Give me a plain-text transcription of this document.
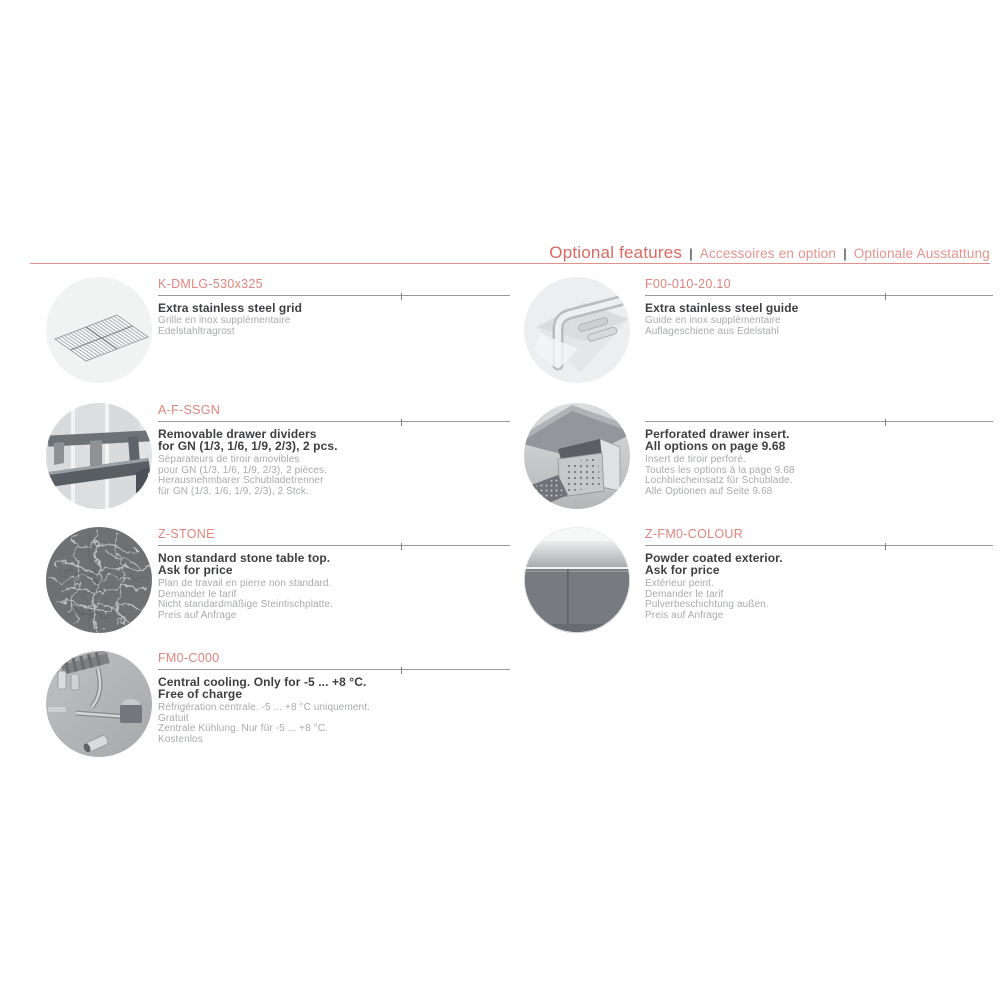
Optional features | Accessoires en option | Optionale Ausstattung
K-DMLG-530x325
Extra stainless steel grid
Grille en inox supplémentaire
Edelstahltragrost
F00-010-20.10
Extra stainless steel guide
Guide en inox supplémentaire
Auflageschiene aus Edelstahl
A-F-SSGN
Removable drawer dividers
for GN (1/3, 1/6, 1/9, 2/3), 2 pcs.
Séparateurs de tiroir amovibles
pour GN (1/3, 1/6, 1/9, 2/3), 2 pièces.
Herausnehmbarer Schubladetrenner
für GN (1/3, 1/6, 1/9, 2/3), 2 Stck.
Perforated drawer insert.
All options on page 9.68
Insert de tiroir perforé.
Toutes les options à la page 9.68
Lochblecheinsatz für Schublade.
Alle Optionen auf Seite 9.68
Z-STONE
Non standard stone table top.
Ask for price
Plan de travail en pierre non standard.
Demander le tarif
Nicht standardmäßige Steintischplatte.
Preis auf Anfrage
Z-FM0-COLOUR
Powder coated exterior.
Ask for price
Extérieur peint.
Demander le tarif
Pulverbeschichtung außen.
Preis auf Anfrage
FM0-C000
Central cooling. Only for -5 ... +8 °C.
Free of charge
Réfrigération centrale. -5 ... +8 °C uniquement.
Gratuit
Zentrale Kühlung. Nur für -5 ... +8 °C.
Kostenlos
